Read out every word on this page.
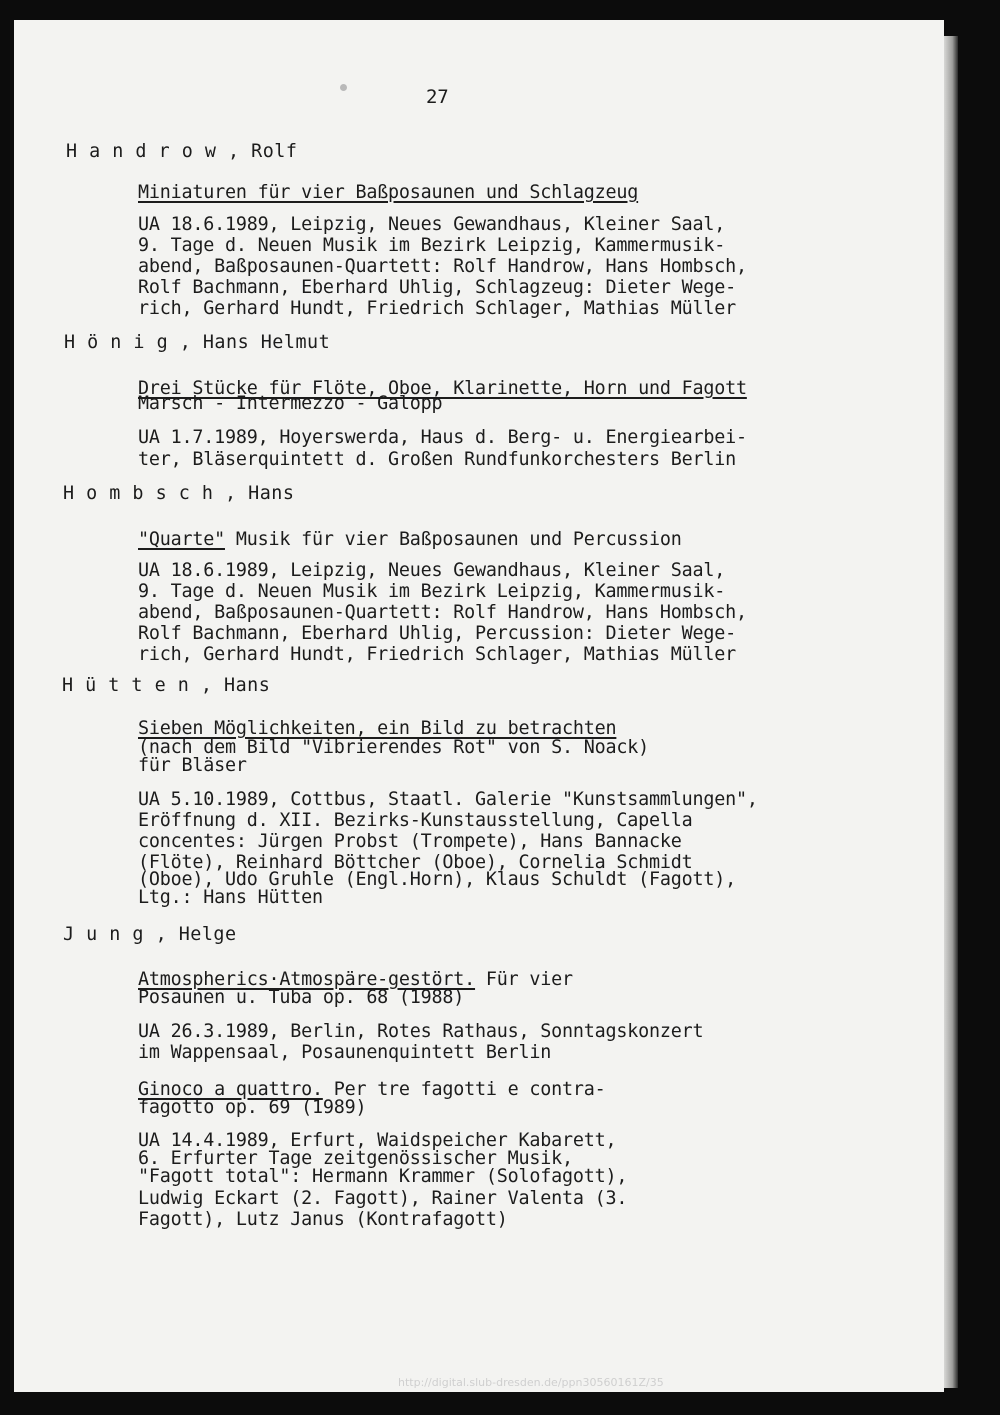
27

H a n d r o w , Rolf

Miniaturen für vier Baßposaunen und Schlagzeug

UA 18.6.1989, Leipzig, Neues Gewandhaus, Kleiner Saal,

9. Tage d. Neuen Musik im Bezirk Leipzig, Kammermusik-

abend, Baßposaunen-Quartett: Rolf Handrow, Hans Hombsch,

Rolf Bachmann, Eberhard Uhlig, Schlagzeug: Dieter Wege-

rich, Gerhard Hundt, Friedrich Schlager, Mathias Müller

H ö n i g , Hans Helmut

Drei Stücke für Flöte, Oboe, Klarinette, Horn und Fagott

Marsch - Intermezzo - Galopp

UA 1.7.1989, Hoyerswerda, Haus d. Berg- u. Energiearbei-

ter, Bläserquintett d. Großen Rundfunkorchesters Berlin

H o m b s c h , Hans

"Quarte" Musik für vier Baßposaunen und Percussion

UA 18.6.1989, Leipzig, Neues Gewandhaus, Kleiner Saal,

9. Tage d. Neuen Musik im Bezirk Leipzig, Kammermusik-

abend, Baßposaunen-Quartett: Rolf Handrow, Hans Hombsch,

Rolf Bachmann, Eberhard Uhlig, Percussion: Dieter Wege-

rich, Gerhard Hundt, Friedrich Schlager, Mathias Müller

H ü t t e n , Hans

Sieben Möglichkeiten, ein Bild zu betrachten

(nach dem Bild "Vibrierendes Rot" von S. Noack)

für Bläser

UA 5.10.1989, Cottbus, Staatl. Galerie "Kunstsammlungen",

Eröffnung d. XII. Bezirks-Kunstausstellung, Capella

concentes: Jürgen Probst (Trompete), Hans Bannacke

(Flöte), Reinhard Böttcher (Oboe), Cornelia Schmidt

(Oboe), Udo Gruhle (Engl.Horn), Klaus Schuldt (Fagott),

Ltg.: Hans Hütten

J u n g , Helge

Atmospherics·Atmospäre-gestört. Für vier

Posaunen u. Tuba op. 68 (1988)

UA 26.3.1989, Berlin, Rotes Rathaus, Sonntagskonzert

im Wappensaal, Posaunenquintett Berlin

Ginoco a quattro. Per tre fagotti e contra-

fagotto op. 69 (1989)

UA 14.4.1989, Erfurt, Waidspeicher Kabarett,

6. Erfurter Tage zeitgenössischer Musik,

"Fagott total": Hermann Krammer (Solofagott),

Ludwig Eckart (2. Fagott), Rainer Valenta (3.

Fagott), Lutz Janus (Kontrafagott)

http://digital.slub-dresden.de/ppn30560161Z/35
